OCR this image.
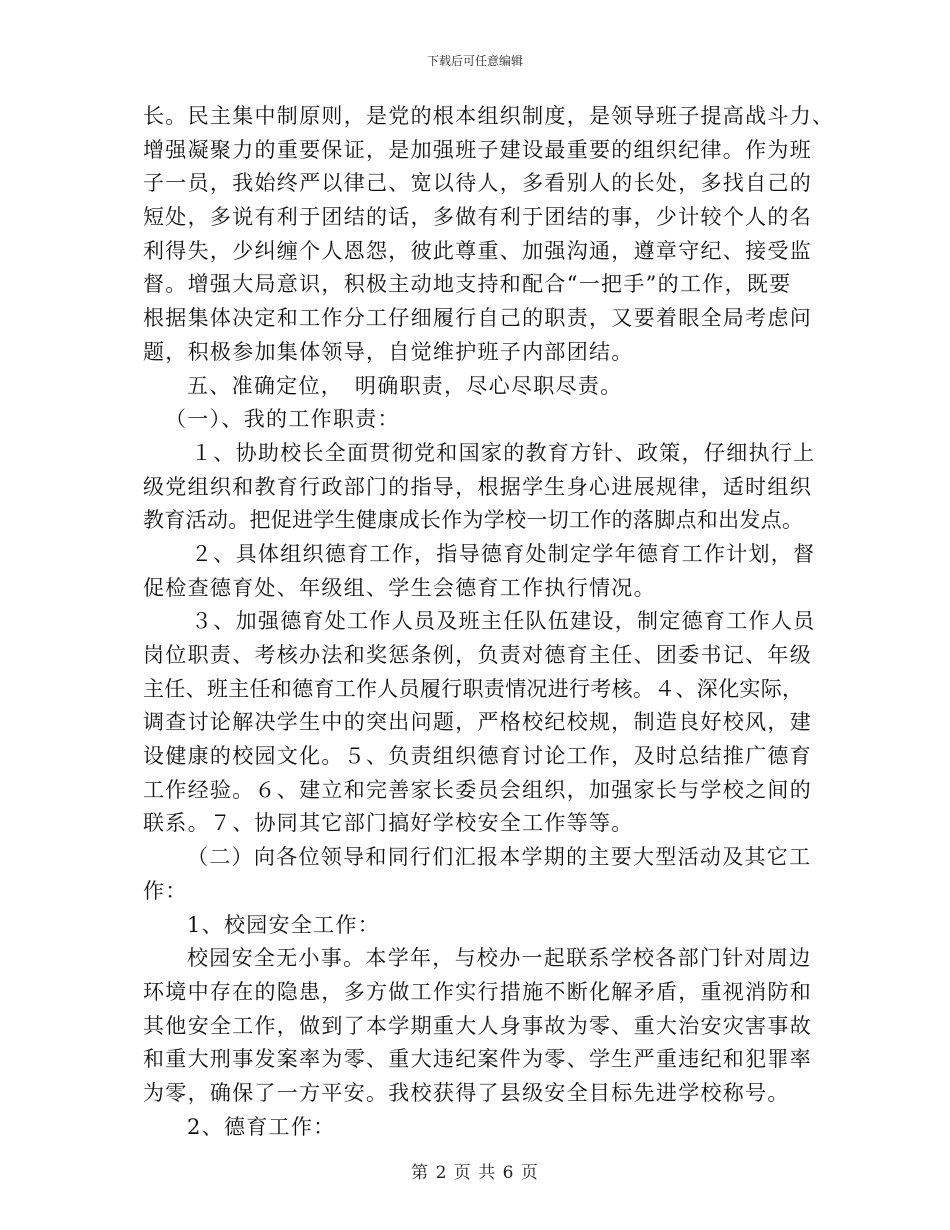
下载后可任意编辑
长。民主集中制原则，是党的根本组织制度，是领导班子提高战斗力、
增强凝聚力的重要保证，是加强班子建设最重要的组织纪律。作为班
子一员，我始终严以律己、宽以待人，多看别人的长处，多找自己的
短处，多说有利于团结的话，多做有利于团结的事，少计较个人的名
利得失，少纠缠个人恩怨，彼此尊重、加强沟通，遵章守纪、接受监
督。增强大局意识，积极主动地支持和配合“一把手”的工作，既要
根据集体决定和工作分工仔细履行自己的职责，又要着眼全局考虑问
题，积极参加集体领导，自觉维护班子内部团结。
五、准确定位，　明确职责，尽心尽职尽责。
（一）、我的工作职责：
１、协助校长全面贯彻党和国家的教育方针、政策，仔细执行上
级党组织和教育行政部门的指导，根据学生身心进展规律，适时组织
教育活动。把促进学生健康成长作为学校一切工作的落脚点和出发点。
２、具体组织德育工作，指导德育处制定学年德育工作计划，督
促检查德育处、年级组、学生会德育工作执行情况。
３、加强德育处工作人员及班主任队伍建设，制定德育工作人员
岗位职责、考核办法和奖惩条例，负责对德育主任、团委书记、年级
主任、班主任和德育工作人员履行职责情况进行考核。４、深化实际，
调查讨论解决学生中的突出问题，严格校纪校规，制造良好校风，建
设健康的校园文化。５、负责组织德育讨论工作，及时总结推广德育
工作经验。６、建立和完善家长委员会组织，加强家长与学校之间的
联系。７、协同其它部门搞好学校安全工作等等。
（二）向各位领导和同行们汇报本学期的主要大型活动及其它工
作：
1、校园安全工作：
校园安全无小事。本学年，与校办一起联系学校各部门针对周边
环境中存在的隐患，多方做工作实行措施不断化解矛盾，重视消防和
其他安全工作，做到了本学期重大人身事故为零、重大治安灾害事故
和重大刑事发案率为零、重大违纪案件为零、学生严重违纪和犯罪率
为零，确保了一方平安。我校获得了县级安全目标先进学校称号。
2、德育工作：
第 2 页 共 6 页
